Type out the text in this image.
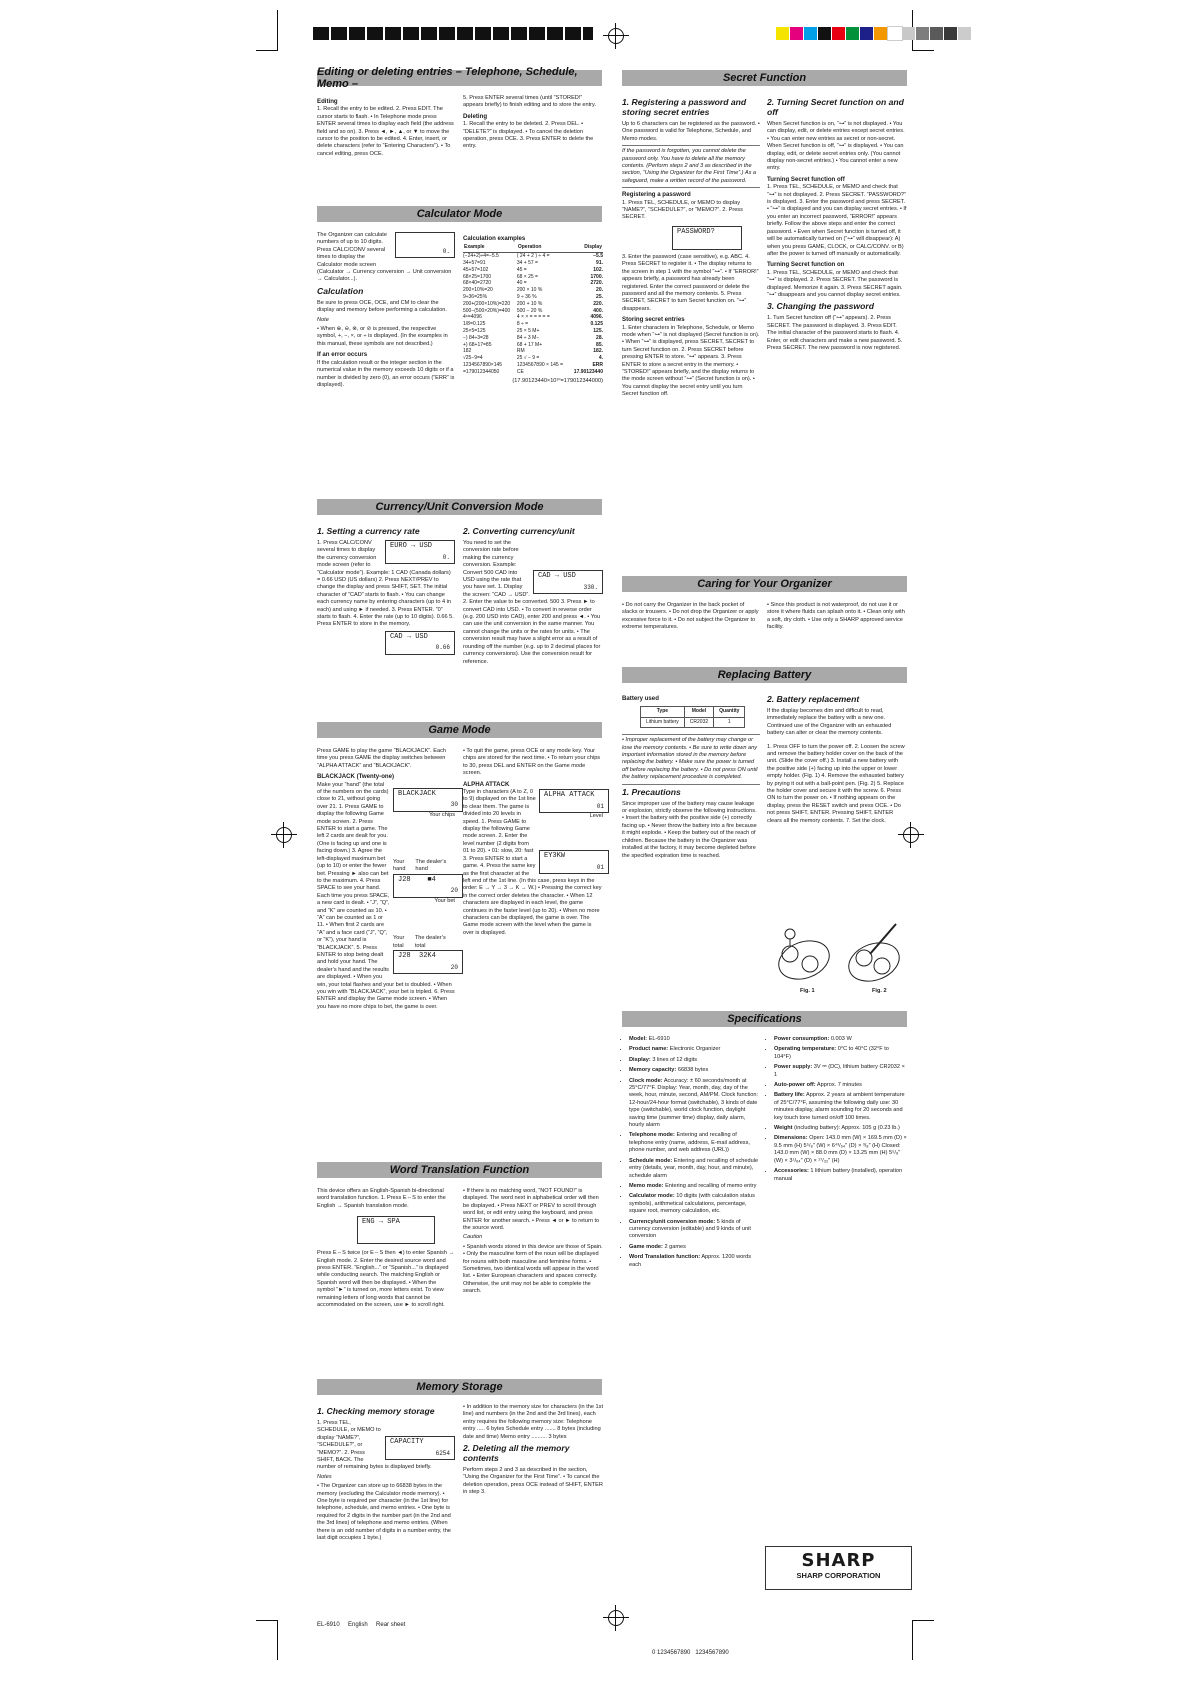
Editing or deleting entries – Telephone, Schedule, Memo –
Editing

1. Recall the entry to be edited. 2. Press EDIT. The cursor starts to flash. • In Telephone mode press ENTER several times to display each field (the address field and so on). 3. Press ◄, ►, ▲, or ▼ to move the cursor to the position to be edited. 4. Enter, insert, or delete characters (refer to “Entering Characters”). • To cancel editing, press OCE.

5. Press ENTER several times (until “STORED!” appears briefly) to finish editing and to store the entry.

Deleting

1. Recall the entry to be deleted. 2. Press DEL. • “DELETE?” is displayed. • To cancel the deletion operation, press OCE. 3. Press ENTER to delete the entry.

Calculator Mode
0.

The Organizer can calculate numbers of up to 10 digits. Press CALC/CONV several times to display the Calculator mode screen (Calculator → Currency conversion → Unit conversion → Calculator...).

Calculation

Be sure to press OCE, OCE, and CM to clear the display and memory before performing a calculation.

Note

• When ⊕, ⊖, ⊗, or ⊘ is pressed, the respective symbol, +, −, ×, or ÷ is displayed. (In the examples in this manual, these symbols are not described.)

If an error occurs

If the calculation result or the integer section in the numerical value in the memory exceeds 10 digits or if a number is divided by zero (0), an error occurs (“ERR” is displayed).

Calculation examples
Example	Operation	Display
(−24+2)÷4=−5.5	( 24 + 2 ) ÷ 4 =	−5.5
34+57=91	34 + 57 =	91.
45+57=102	45 =	102.
68×25=1700	68 × 25 =	1700.
68×40=2720	40 =	2720.
200×10%=20	200 × 10 %	20.
9÷36=25%	9 ÷ 36 %	25.
200+(200×10%)=220	200 + 10 %	220.
500−(500×20%)=400	500 − 20 %	400.
4⁶=4096	4 × × = = = = =	4096.
1/8=0.125	8 ÷ =	0.125
25×5=125	25 × 5 M+	125.
−) 84÷3=28	84 ÷ 3 M−	28.
+) 68+17=85	68 + 17 M+	85.
182	RM	182.
√25−9=4	25 √ − 9 =	4.
1234567890×145	1234567890 × 145 =	ERR
=179012344050	CE	17.90123440

(17.90123440×10¹⁰=179012344000)

Currency/Unit Conversion Mode
1. Setting a currency rate
EURO → USD
0.

1. Press CALC/CONV several times to display the currency conversion mode screen (refer to “Calculator mode”). Example: 1 CAD (Canada dollars) = 0.66 USD (US dollars) 2. Press NEXT/PREV to change the display and press SHIFT, SET. The initial character of “CAD” starts to flash. • You can change each currency name by entering characters (up to 4 in each) and using ► if needed. 3. Press ENTER. “0” starts to flash. 4. Enter the rate (up to 10 digits). 0.66 5. Press ENTER to store in the memory.

CAD → USD
0.66
2. Converting currency/unit
CAD → USD
330.

You need to set the conversion rate before making the currency conversion. Example: Convert 500 CAD into USD using the rate that you have set. 1. Display the screen: “CAD → USD”. 2. Enter the value to be converted. 500 3. Press ► to convert CAD into USD. • To convert in reverse order (e.g. 200 USD into CAD), enter 200 and press ◄. • You can use the unit conversion in the same manner. You cannot change the units or the rates for units. • The conversion result may have a slight error as a result of rounding off the number (e.g. up to 2 decimal places for currency conversions). Use the conversion result for reference.

Game Mode

Press GAME to play the game “BLACKJACK”. Each time you press GAME the display switches between “ALPHA ATTACK” and “BLACKJACK”.

BLACKJACK (Twenty-one)
BLACKJACK
30
Your chips
Your hand
The dealer’s hand
J28    ■4
20
Your bet
Your total
The dealer’s total
J28  32K4
20

Make your “hand” (the total of the numbers on the cards) close to 21, without going over 21. 1. Press GAME to display the following Game mode screen. 2. Press ENTER to start a game. The left 2 cards are dealt for you. (One is facing up and one is facing down.) 3. Agree the left-displayed maximum bet (up to 10) or enter the fewer bet. Pressing ► also can bet to the maximum. 4. Press SPACE to see your hand. Each time you press SPACE, a new card is dealt. • “J”, “Q”, and “K” are counted as 10. • “A” can be counted as 1 or 11. • When first 2 cards are “A” and a face card (“J”, “Q”, or “K”), your hand is “BLACKJACK”. 5. Press ENTER to stop being dealt and hold your hand. The dealer’s hand and the results are displayed. • When you win, your total flashes and your bet is doubled. • When you win with “BLACKJACK”, your bet is tripled. 6. Press ENTER and display the Game mode screen. • When you have no more chips to bet, the game is over.

• To quit the game, press OCE or any mode key. Your chips are stored for the next time. • To return your chips to 30, press DEL and ENTER on the Game mode screen.

ALPHA ATTACK
ALPHA ATTACK
01
Level
EY3KW
01

Type in characters (A to Z, 0 to 9) displayed on the 1st line to clear them. The game is divided into 20 levels in speed. 1. Press GAME to display the following Game mode screen. 2. Enter the level number (2 digits from 01 to 20). • 01: slow, 20: fast 3. Press ENTER to start a game. 4. Press the same key as the first character at the left end of the 1st line. (In this case, press keys in the order: E → Y → 3 → K → W.) • Pressing the correct key in the correct order deletes the character. • When 12 characters are displayed in each level, the game continues in the faster level (up to 20). • When no more characters can be displayed, the game is over. The Game mode screen with the level when the game is over is displayed.

Word Translation Function

This device offers an English-Spanish bi-directional word translation function. 1. Press E⇔S to enter the English → Spanish translation mode.

ENG → SPA

Press E⇔S twice (or E⇔S then ◄) to enter Spanish → English mode. 2. Enter the desired source word and press ENTER. “English...” or “Spanish...” is displayed while conducting search. The matching English or Spanish word will then be displayed. • When the symbol “►” is turned on, more letters exist. To view remaining letters of long words that cannot be accommodated on the screen, use ► to scroll right.

• If there is no matching word, “NOT FOUND!” is displayed. The word next in alphabetical order will then be displayed. • Press NEXT or PREV to scroll through word list, or edit entry using the keyboard, and press ENTER for another search. • Press ◄ or ► to return to the source word.

Caution

• Spanish words stored in this device are those of Spain. • Only the masculine form of the noun will be displayed for nouns with both masculine and feminine forms. • Sometimes, two identical words will appear in the word list. • Enter European characters and spaces correctly. Otherwise, the unit may not be able to complete the search.

Memory Storage
1. Checking memory storage
CAPACITY
6254

1. Press TEL, SCHEDULE, or MEMO to display “NAME?”, “SCHEDULE?”, or “MEMO?”. 2. Press SHIFT, BACK. The number of remaining bytes is displayed briefly.

Notes

• The Organizer can store up to 66838 bytes in the memory (excluding the Calculator mode memory). • One byte is required per character (in the 1st line) for telephone, schedule, and memo entries. • One byte is required for 2 digits in the number part (in the 2nd and the 3rd lines) of telephone and memo entries. (When there is an odd number of digits in a number entry, the last digit occupies 1 byte.)

• In addition to the memory size for characters (in the 1st line) and numbers (in the 2nd and the 3rd lines), each entry requires the following memory size: Telephone entry ..... 6 bytes Schedule entry ....... 8 bytes (including date and time) Memo entry .......... 3 bytes

2. Deleting all the memory contents

Perform steps 2 and 3 as described in the section, “Using the Organizer for the First Time”. • To cancel the deletion operation, press OCE instead of SHIFT, ENTER in step 3.

Secret Function
1. Registering a password and storing secret entries

Up to 6 characters can be registered as the password. • One password is valid for Telephone, Schedule, and Memo modes.

If the password is forgotten, you cannot delete the password only. You have to delete all the memory contents. (Perform steps 2 and 3 as described in the section, “Using the Organizer for the First Time”.) As a safeguard, make a written record of the password.

Registering a password

1. Press TEL, SCHEDULE, or MEMO to display “NAME?”, “SCHEDULE?”, or “MEMO?”. 2. Press SECRET.

PASSWORD?

3. Enter the password (case sensitive), e.g. ABC. 4. Press SECRET to register it. • The display returns to the screen in step 1 with the symbol “⊶”. • If “ERROR!” appears briefly, a password has already been registered. Enter the correct password or delete the password and all the memory contents. 5. Press SECRET, SECRET to turn Secret function on. “⊶” disappears.

Storing secret entries

1. Enter characters in Telephone, Schedule, or Memo mode when “⊶” is not displayed (Secret function is on). • When “⊶” is displayed, press SECRET, SECRET to turn Secret function on. 2. Press SECRET before pressing ENTER to store. “⊶” appears. 3. Press ENTER to store a secret entry in the memory. • “STORED!” appears briefly, and the display returns to the mode screen without “⊶” (Secret function is on). • You cannot display the secret entry until you turn Secret function off.

2. Turning Secret function on and off

When Secret function is on, “⊶” is not displayed. • You can display, edit, or delete entries except secret entries. • You can enter new entries as secret or non-secret. When Secret function is off, “⊶” is displayed. • You can display, edit, or delete secret entries only. (You cannot display non-secret entries.) • You cannot enter a new entry.

Turning Secret function off

1. Press TEL, SCHEDULE, or MEMO and check that “⊶” is not displayed. 2. Press SECRET. “PASSWORD?” is displayed. 3. Enter the password and press SECRET. • “⊶” is displayed and you can display secret entries. • If you enter an incorrect password, “ERROR!” appears briefly. Follow the above steps and enter the correct password. • Even when Secret function is turned off, it will be automatically turned on (“⊶” will disappear): A) when you press GAME, CLOCK, or CALC/CONV. or B) after the power is turned off manually or automatically.

Turning Secret function on

1. Press TEL, SCHEDULE, or MEMO and check that “⊶” is displayed. 2. Press SECRET. The password is displayed. Memorize it again. 3. Press SECRET again. “⊶” disappears and you cannot display secret entries.

3. Changing the password

1. Turn Secret function off (“⊶” appears). 2. Press SECRET. The password is displayed. 3. Press EDIT. The initial character of the password starts to flash. 4. Enter, or edit characters and make a new password. 5. Press SECRET. The new password is now registered.

Caring for Your Organizer

• Do not carry the Organizer in the back pocket of slacks or trousers. • Do not drop the Organizer or apply excessive force to it. • Do not subject the Organizer to extreme temperatures.

• Since this product is not waterproof, do not use it or store it where fluids can splash onto it. • Clean only with a soft, dry cloth. • Use only a SHARP approved service facility.

Replacing Battery
Battery used
Type	Model	Quantity
Lithium battery	CR2032	1

• Improper replacement of the battery may change or lose the memory contents. • Be sure to write down any important information stored in the memory before replacing the battery. • Make sure the power is turned off before replacing the battery. • Do not press ON until the battery replacement procedure is completed.

1. Precautions

Since improper use of the battery may cause leakage or explosion, strictly observe the following instructions. • Insert the battery with the positive side (+) correctly facing up. • Never throw the battery into a fire because it might explode. • Keep the battery out of the reach of children. Because the battery in the Organizer was installed at the factory, it may become depleted before the specified expiration time is reached.

2. Battery replacement

If the display becomes dim and difficult to read, immediately replace the battery with a new one. Continued use of the Organizer with an exhausted battery can alter or clear the memory contents.

1. Press OFF to turn the power off. 2. Loosen the screw and remove the battery holder cover on the back of the unit. (Slide the cover off.) 3. Install a new battery with the positive side (+) facing up into the upper or lower empty holder. (Fig. 1) 4. Remove the exhausted battery by prying it out with a ball-point pen. (Fig. 2) 5. Replace the holder cover and secure it with the screw. 6. Press ON to turn the power on. • If nothing appears on the display, press the RESET switch and press OCE. • Do not press SHIFT, ENTER. Pressing SHIFT, ENTER clears all the memory contents. 7. Set the clock.

Fig. 1	Fig. 2
Specifications
• Model: EL-6910
• Product name: Electronic Organizer
• Display: 3 lines of 12 digits
• Memory capacity: 66838 bytes
• Clock mode: Accuracy: ± 60 seconds/month at 25°C/77°F. Display: Year, month, day, day of the week, hour, minute, second, AM/PM. Clock function: 12-hour/24-hour format (switchable), 3 kinds of date type (switchable), world clock function, daylight saving time (summer time) display, daily alarm, hourly alarm
• Telephone mode: Entering and recalling of telephone entry (name, address, E-mail address, phone number, and web address (URL))
• Schedule mode: Entering and recalling of schedule entry (details, year, month, day, hour, and minute), schedule alarm
• Memo mode: Entering and recalling of memo entry
• Calculator mode: 10 digits (with calculation status symbols), arithmetical calculations, percentage, square root, memory calculation, etc.
• Currency/unit conversion mode: 5 kinds of currency conversion (editable) and 9 kinds of unit conversion
• Game mode: 2 games
• Word Translation function: Approx. 1200 words each
• Power consumption: 0.003 W
• Operating temperature: 0°C to 40°C (32°F to 104°F)
• Power supply: 3V ⎓ (DC), lithium battery CR2032 × 1
• Auto-power off: Approx. 7 minutes
• Battery life: Approx. 2 years at ambient temperature of 25°C/77°F, assuming the following daily use: 30 minutes display, alarm sounding for 20 seconds and key touch tone turned on/off 100 times.
• Weight (including battery): Approx. 105 g (0.23 lb.)
• Dimensions: Open: 143.0 mm (W) × 169.5 mm (D) × 9.5 mm (H) 5⁵/₈″ (W) × 6⁴³/₆₄″ (D) × ³/₈″ (H) Closed: 143.0 mm (W) × 88.0 mm (D) × 13.25 mm (H) 5⁵/₈″ (W) × 3⁳/₆₄″ (D) × ¹⁷/₃₂″ (H)
• Accessories: 1 lithium battery (installed), operation manual
SHARP
SHARP CORPORATION
EL-6910     English     Rear sheet
0 1234567890   1234567890
